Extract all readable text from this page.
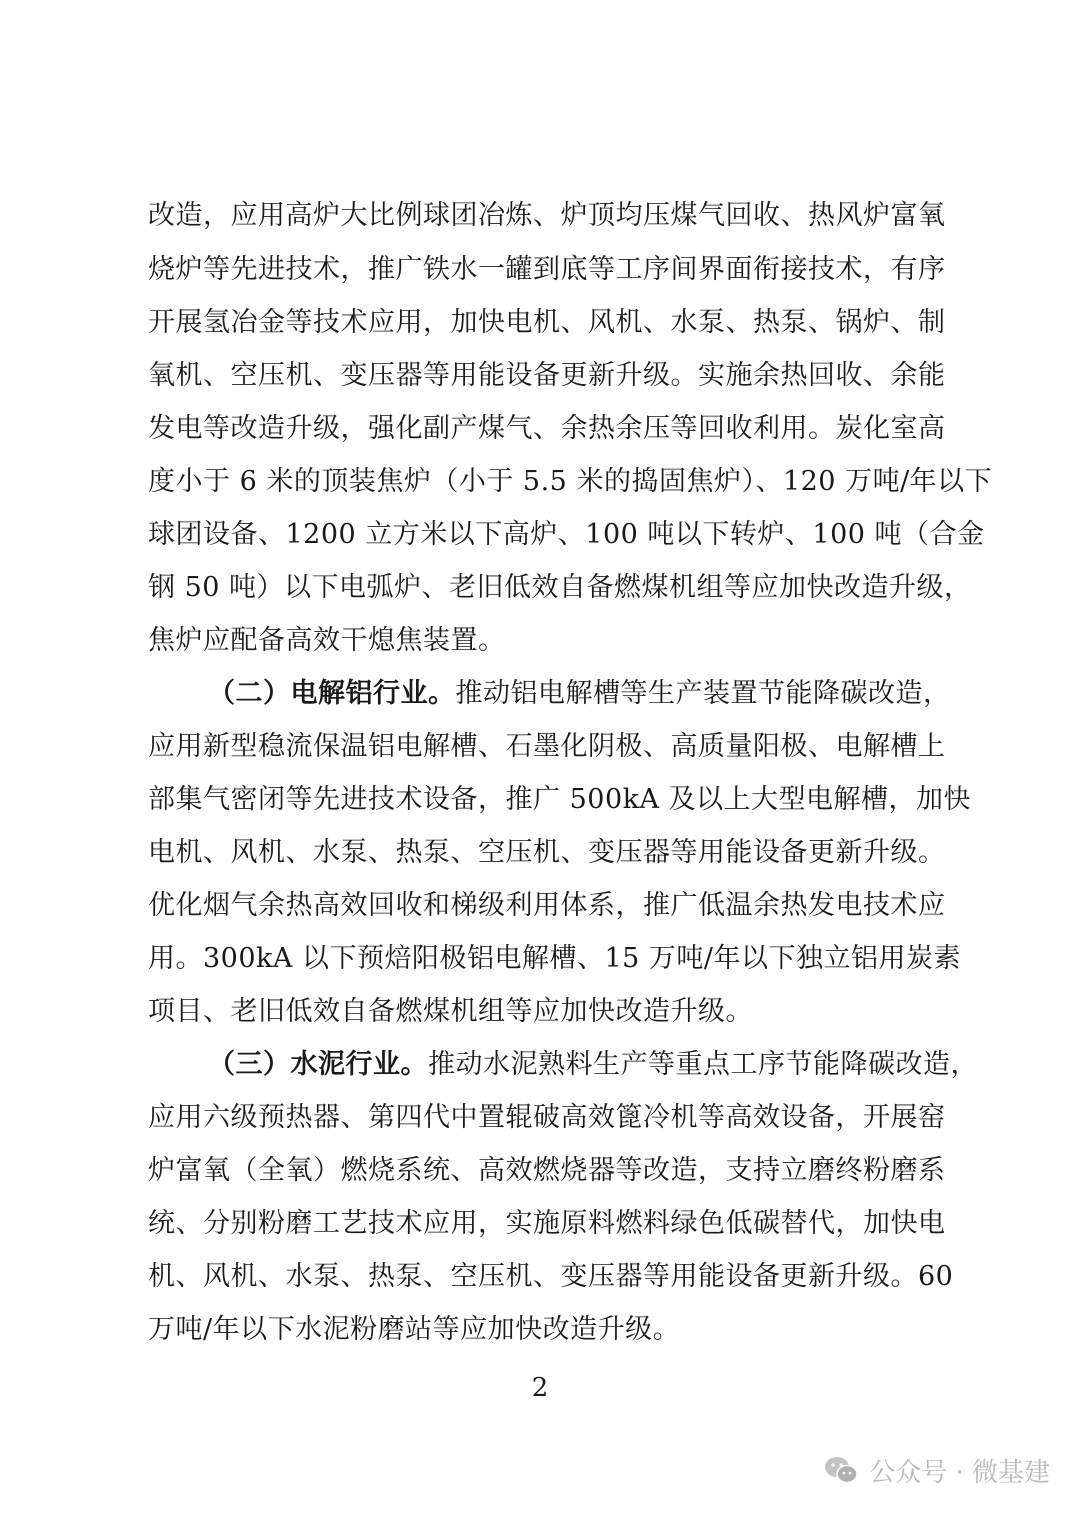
改造，应用高炉大比例球团冶炼、炉顶均压煤气回收、热风炉富氧
烧炉等先进技术，推广铁水一罐到底等工序间界面衔接技术，有序
开展氢冶金等技术应用，加快电机、风机、水泵、热泵、锅炉、制
氧机、空压机、变压器等用能设备更新升级。实施余热回收、余能
发电等改造升级，强化副产煤气、余热余压等回收利用。炭化室高
度小于 6 米的顶装焦炉（小于 5.5 米的捣固焦炉）、120 万吨/年以下
球团设备、1200 立方米以下高炉、100 吨以下转炉、100 吨（合金
钢 50 吨）以下电弧炉、老旧低效自备燃煤机组等应加快改造升级，
焦炉应配备高效干熄焦装置。
（二）电解铝行业。推动铝电解槽等生产装置节能降碳改造，
应用新型稳流保温铝电解槽、石墨化阴极、高质量阳极、电解槽上
部集气密闭等先进技术设备，推广 500kA 及以上大型电解槽，加快
电机、风机、水泵、热泵、空压机、变压器等用能设备更新升级。
优化烟气余热高效回收和梯级利用体系，推广低温余热发电技术应
用。300kA 以下预焙阳极铝电解槽、15 万吨/年以下独立铝用炭素
项目、老旧低效自备燃煤机组等应加快改造升级。
（三）水泥行业。推动水泥熟料生产等重点工序节能降碳改造，
应用六级预热器、第四代中置辊破高效篦冷机等高效设备，开展窑
炉富氧（全氧）燃烧系统、高效燃烧器等改造，支持立磨终粉磨系
统、分别粉磨工艺技术应用，实施原料燃料绿色低碳替代，加快电
机、风机、水泵、热泵、空压机、变压器等用能设备更新升级。60
万吨/年以下水泥粉磨站等应加快改造升级。
2
公众号 · 微基建
